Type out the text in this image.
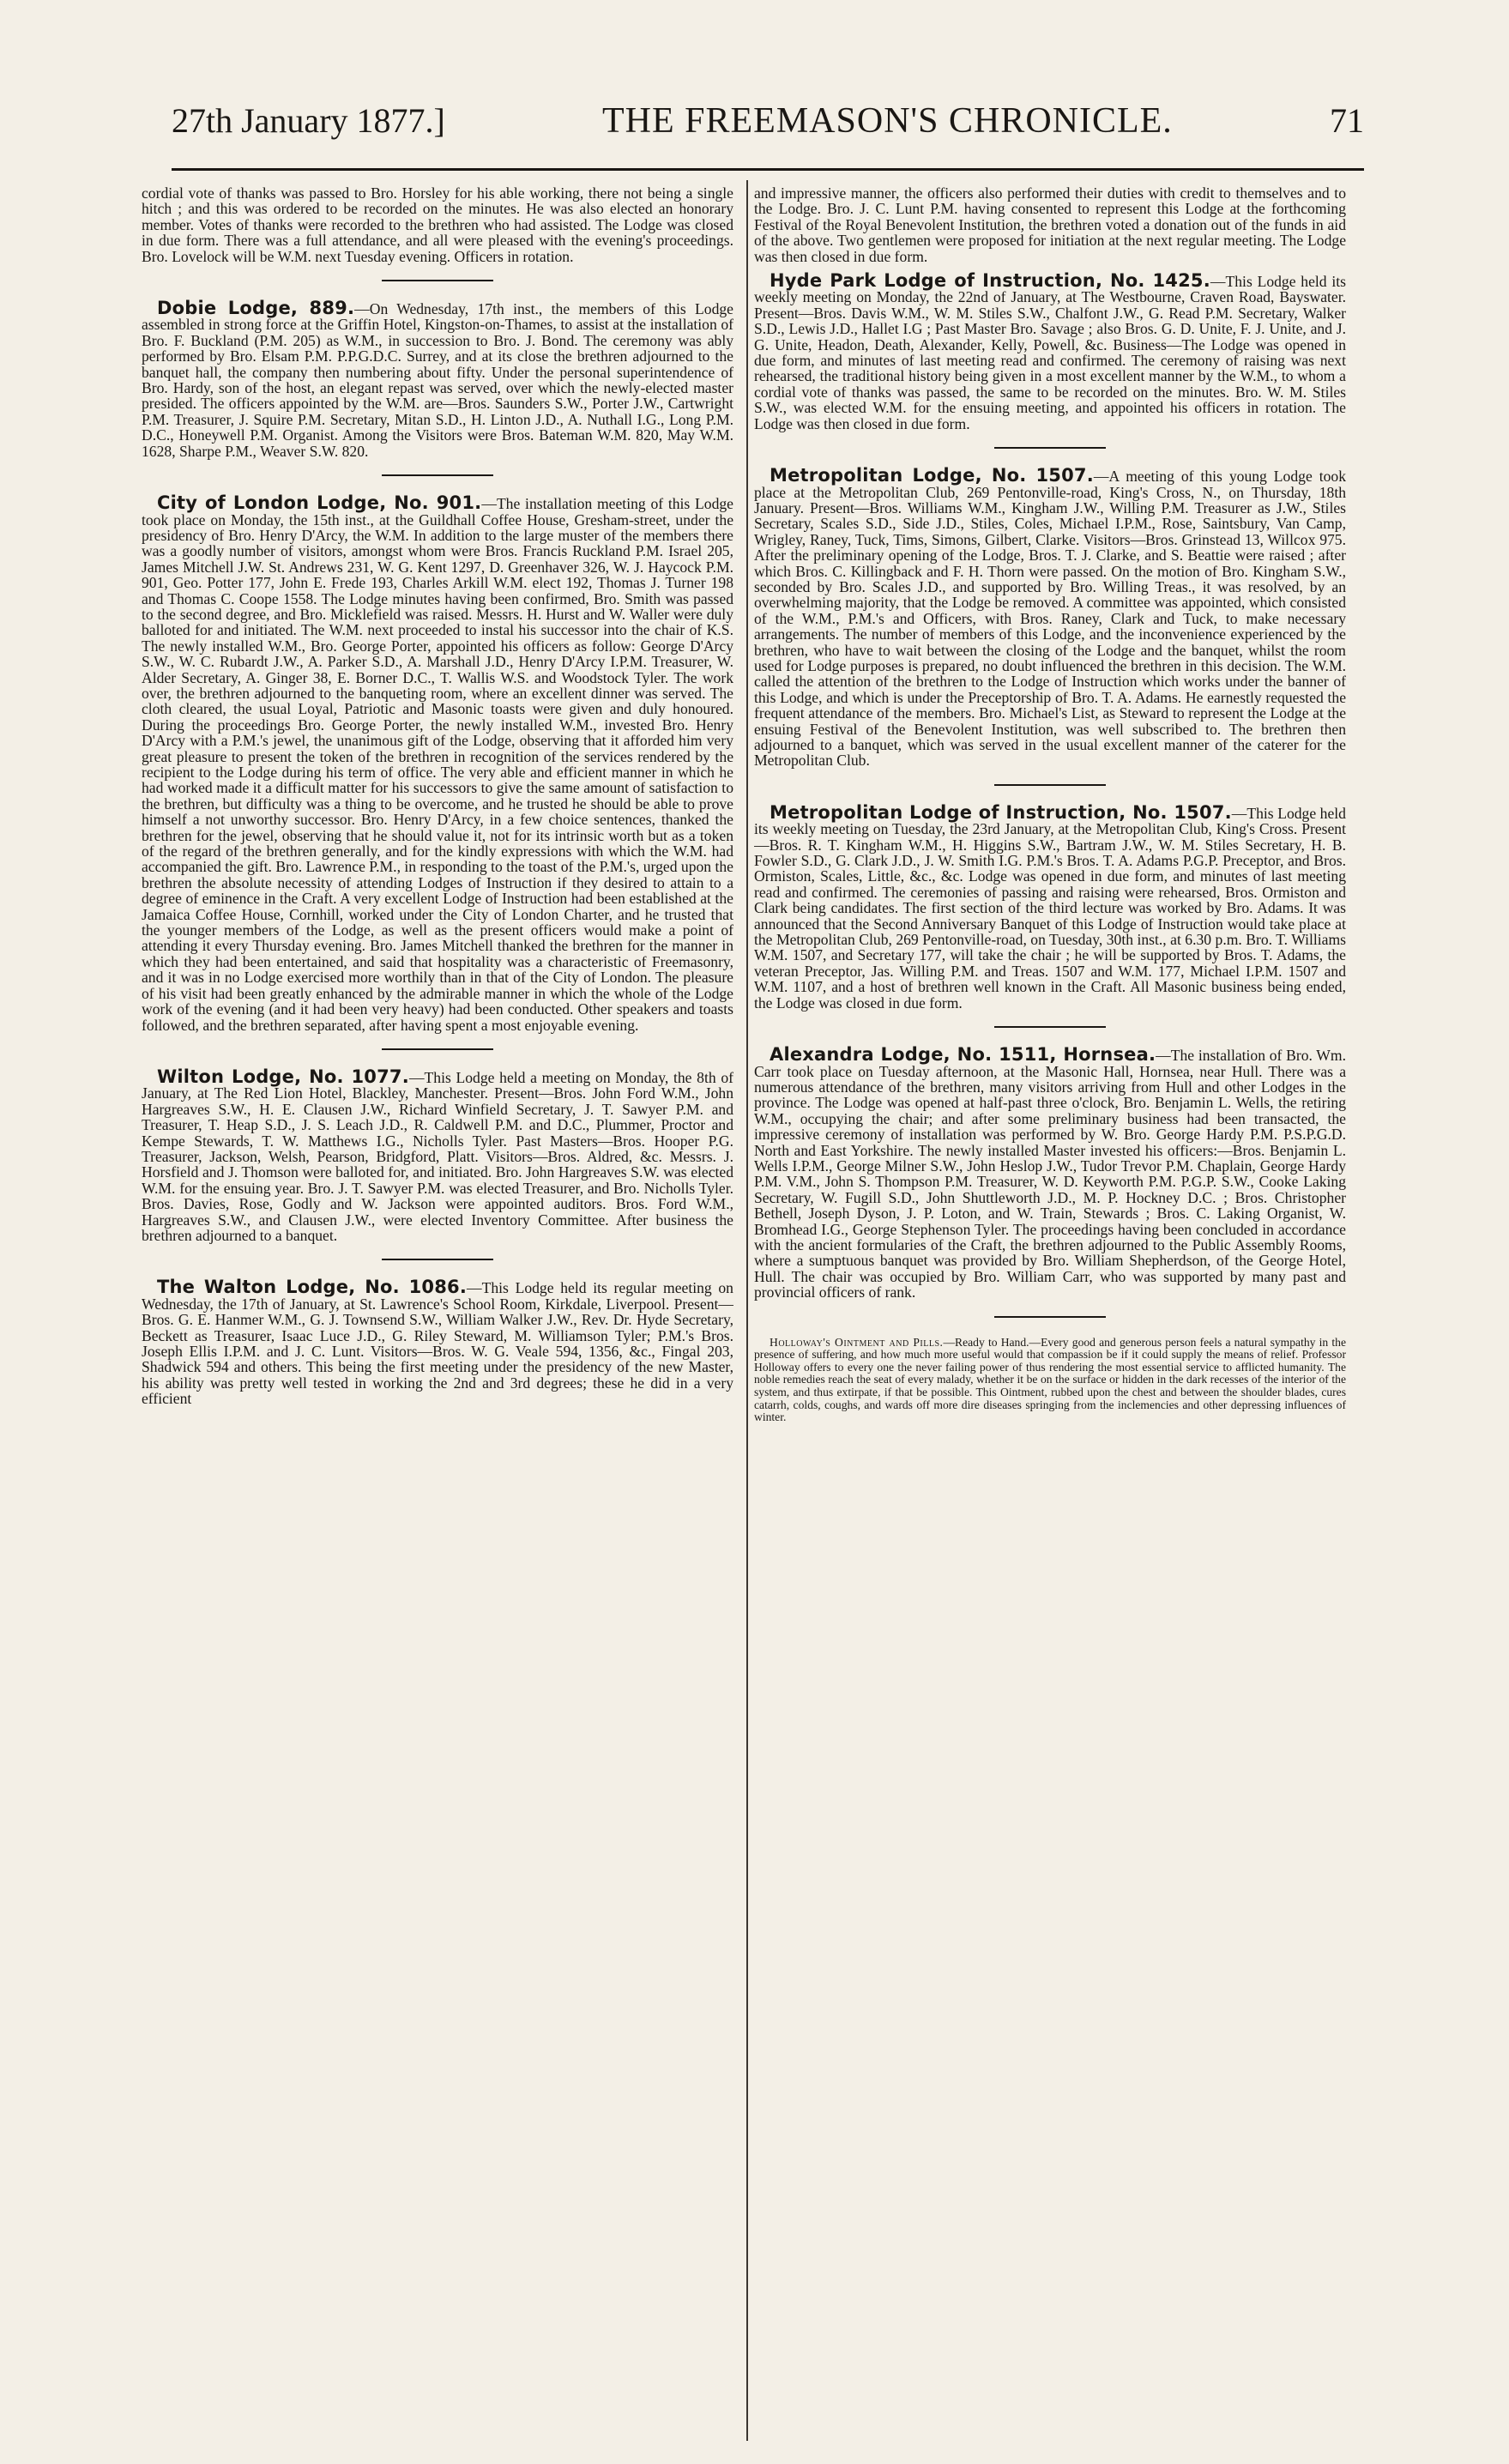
27th January 1877.]	THE FREEMASON'S CHRONICLE.	71

cordial vote of thanks was passed to Bro. Horsley for his able working, there not being a single hitch ; and this was ordered to be recorded on the minutes. He was also elected an honorary member. Votes of thanks were recorded to the brethren who had assisted. The Lodge was closed in due form. There was a full attendance, and all were pleased with the evening's proceedings. Bro. Lovelock will be W.M. next Tuesday evening. Officers in rotation.

Dobie Lodge, 889.—On Wednesday, 17th inst., the members of this Lodge assembled in strong force at the Griffin Hotel, Kingston-on-Thames, to assist at the installation of Bro. F. Buckland (P.M. 205) as W.M., in succession to Bro. J. Bond. The ceremony was ably performed by Bro. Elsam P.M. P.P.G.D.C. Surrey, and at its close the brethren adjourned to the banquet hall, the company then numbering about fifty. Under the personal superintendence of Bro. Hardy, son of the host, an elegant repast was served, over which the newly-elected master presided. The officers appointed by the W.M. are—Bros. Saunders S.W., Porter J.W., Cartwright P.M. Treasurer, J. Squire P.M. Secretary, Mitan S.D., H. Linton J.D., A. Nuthall I.G., Long P.M. D.C., Honeywell P.M. Organist. Among the Visitors were Bros. Bateman W.M. 820, May W.M. 1628, Sharpe P.M., Weaver S.W. 820.

City of London Lodge, No. 901.—The installation meeting of this Lodge took place on Monday, the 15th inst., at the Guildhall Coffee House, Gresham-street, under the presidency of Bro. Henry D'Arcy, the W.M. In addition to the large muster of the members there was a goodly number of visitors, amongst whom were Bros. Francis Ruckland P.M. Israel 205, James Mitchell J.W. St. Andrews 231, W. G. Kent 1297, D. Greenhaver 326, W. J. Haycock P.M. 901, Geo. Potter 177, John E. Frede 193, Charles Arkill W.M. elect 192, Thomas J. Turner 198 and Thomas C. Coope 1558. The Lodge minutes having been confirmed, Bro. Smith was passed to the second degree, and Bro. Micklefield was raised. Messrs. H. Hurst and W. Waller were duly balloted for and initiated. The W.M. next proceeded to instal his successor into the chair of K.S. The newly installed W.M., Bro. George Porter, appointed his officers as follow: George D'Arcy S.W., W. C. Rubardt J.W., A. Parker S.D., A. Marshall J.D., Henry D'Arcy I.P.M. Treasurer, W. Alder Secretary, A. Ginger 38, E. Borner D.C., T. Wallis W.S. and Woodstock Tyler. The work over, the brethren adjourned to the banqueting room, where an excellent dinner was served. The cloth cleared, the usual Loyal, Patriotic and Masonic toasts were given and duly honoured. During the proceedings Bro. George Porter, the newly installed W.M., invested Bro. Henry D'Arcy with a P.M.'s jewel, the unanimous gift of the Lodge, observing that it afforded him very great pleasure to present the token of the brethren in recognition of the services rendered by the recipient to the Lodge during his term of office. The very able and efficient manner in which he had worked made it a difficult matter for his successors to give the same amount of satisfaction to the brethren, but difficulty was a thing to be overcome, and he trusted he should be able to prove himself a not unworthy successor. Bro. Henry D'Arcy, in a few choice sentences, thanked the brethren for the jewel, observing that he should value it, not for its intrinsic worth but as a token of the regard of the brethren generally, and for the kindly expressions with which the W.M. had accompanied the gift. Bro. Lawrence P.M., in responding to the toast of the P.M.'s, urged upon the brethren the absolute necessity of attending Lodges of Instruction if they desired to attain to a degree of eminence in the Craft. A very excellent Lodge of Instruction had been established at the Jamaica Coffee House, Cornhill, worked under the City of London Charter, and he trusted that the younger members of the Lodge, as well as the present officers would make a point of attending it every Thursday evening. Bro. James Mitchell thanked the brethren for the manner in which they had been entertained, and said that hospitality was a characteristic of Freemasonry, and it was in no Lodge exercised more worthily than in that of the City of London. The pleasure of his visit had been greatly enhanced by the admirable manner in which the whole of the Lodge work of the evening (and it had been very heavy) had been conducted. Other speakers and toasts followed, and the brethren separated, after having spent a most enjoyable evening.

Wilton Lodge, No. 1077.—This Lodge held a meeting on Monday, the 8th of January, at The Red Lion Hotel, Blackley, Manchester. Present—Bros. John Ford W.M., John Hargreaves S.W., H. E. Clausen J.W., Richard Winfield Secretary, J. T. Sawyer P.M. and Treasurer, T. Heap S.D., J. S. Leach J.D., R. Caldwell P.M. and D.C., Plummer, Proctor and Kempe Stewards, T. W. Matthews I.G., Nicholls Tyler. Past Masters—Bros. Hooper P.G. Treasurer, Jackson, Welsh, Pearson, Bridgford, Platt. Visitors—Bros. Aldred, &c. Messrs. J. Horsfield and J. Thomson were balloted for, and initiated. Bro. John Hargreaves S.W. was elected W.M. for the ensuing year. Bro. J. T. Sawyer P.M. was elected Treasurer, and Bro. Nicholls Tyler. Bros. Davies, Rose, Godly and W. Jackson were appointed auditors. Bros. Ford W.M., Hargreaves S.W., and Clausen J.W., were elected Inventory Committee. After business the brethren adjourned to a banquet.

The Walton Lodge, No. 1086.—This Lodge held its regular meeting on Wednesday, the 17th of January, at St. Lawrence's School Room, Kirkdale, Liverpool. Present—Bros. G. E. Hanmer W.M., G. J. Townsend S.W., William Walker J.W., Rev. Dr. Hyde Secretary, Beckett as Treasurer, Isaac Luce J.D., G. Riley Steward, M. Williamson Tyler; P.M.'s Bros. Joseph Ellis I.P.M. and J. C. Lunt. Visitors—Bros. W. G. Veale 594, 1356, &c., Fingal 203, Shadwick 594 and others. This being the first meeting under the presidency of the new Master, his ability was pretty well tested in working the 2nd and 3rd degrees; these he did in a very efficient

and impressive manner, the officers also performed their duties with credit to themselves and to the Lodge. Bro. J. C. Lunt P.M. having consented to represent this Lodge at the forthcoming Festival of the Royal Benevolent Institution, the brethren voted a donation out of the funds in aid of the above. Two gentlemen were proposed for initiation at the next regular meeting. The Lodge was then closed in due form.

Hyde Park Lodge of Instruction, No. 1425.—This Lodge held its weekly meeting on Monday, the 22nd of January, at The Westbourne, Craven Road, Bayswater. Present—Bros. Davis W.M., W. M. Stiles S.W., Chalfont J.W., G. Read P.M. Secretary, Walker S.D., Lewis J.D., Hallet I.G ; Past Master Bro. Savage ; also Bros. G. D. Unite, F. J. Unite, and J. G. Unite, Headon, Death, Alexander, Kelly, Powell, &c. Business—The Lodge was opened in due form, and minutes of last meeting read and confirmed. The ceremony of raising was next rehearsed, the traditional history being given in a most excellent manner by the W.M., to whom a cordial vote of thanks was passed, the same to be recorded on the minutes. Bro. W. M. Stiles S.W., was elected W.M. for the ensuing meeting, and appointed his officers in rotation. The Lodge was then closed in due form.

Metropolitan Lodge, No. 1507.—A meeting of this young Lodge took place at the Metropolitan Club, 269 Pentonville-road, King's Cross, N., on Thursday, 18th January. Present—Bros. Williams W.M., Kingham J.W., Willing P.M. Treasurer as J.W., Stiles Secretary, Scales S.D., Side J.D., Stiles, Coles, Michael I.P.M., Rose, Saintsbury, Van Camp, Wrigley, Raney, Tuck, Tims, Simons, Gilbert, Clarke. Visitors—Bros. Grinstead 13, Willcox 975. After the preliminary opening of the Lodge, Bros. T. J. Clarke, and S. Beattie were raised ; after which Bros. C. Killingback and F. H. Thorn were passed. On the motion of Bro. Kingham S.W., seconded by Bro. Scales J.D., and supported by Bro. Willing Treas., it was resolved, by an overwhelming majority, that the Lodge be removed. A committee was appointed, which consisted of the W.M., P.M.'s and Officers, with Bros. Raney, Clark and Tuck, to make necessary arrangements. The number of members of this Lodge, and the inconvenience experienced by the brethren, who have to wait between the closing of the Lodge and the banquet, whilst the room used for Lodge purposes is prepared, no doubt influenced the brethren in this decision. The W.M. called the attention of the brethren to the Lodge of Instruction which works under the banner of this Lodge, and which is under the Preceptorship of Bro. T. A. Adams. He earnestly requested the frequent attendance of the members. Bro. Michael's List, as Steward to represent the Lodge at the ensuing Festival of the Benevolent Institution, was well subscribed to. The brethren then adjourned to a banquet, which was served in the usual excellent manner of the caterer for the Metropolitan Club.

Metropolitan Lodge of Instruction, No. 1507.—This Lodge held its weekly meeting on Tuesday, the 23rd January, at the Metropolitan Club, King's Cross. Present—Bros. R. T. Kingham W.M., H. Higgins S.W., Bartram J.W., W. M. Stiles Secretary, H. B. Fowler S.D., G. Clark J.D., J. W. Smith I.G. P.M.'s Bros. T. A. Adams P.G.P. Preceptor, and Bros. Ormiston, Scales, Little, &c., &c. Lodge was opened in due form, and minutes of last meeting read and confirmed. The ceremonies of passing and raising were rehearsed, Bros. Ormiston and Clark being candidates. The first section of the third lecture was worked by Bro. Adams. It was announced that the Second Anniversary Banquet of this Lodge of Instruction would take place at the Metropolitan Club, 269 Pentonville-road, on Tuesday, 30th inst., at 6.30 p.m. Bro. T. Williams W.M. 1507, and Secretary 177, will take the chair ; he will be supported by Bros. T. Adams, the veteran Preceptor, Jas. Willing P.M. and Treas. 1507 and W.M. 177, Michael I.P.M. 1507 and W.M. 1107, and a host of brethren well known in the Craft. All Masonic business being ended, the Lodge was closed in due form.

Alexandra Lodge, No. 1511, Hornsea.—The installation of Bro. Wm. Carr took place on Tuesday afternoon, at the Masonic Hall, Hornsea, near Hull. There was a numerous attendance of the brethren, many visitors arriving from Hull and other Lodges in the province. The Lodge was opened at half-past three o'clock, Bro. Benjamin L. Wells, the retiring W.M., occupying the chair; and after some preliminary business had been transacted, the impressive ceremony of installation was performed by W. Bro. George Hardy P.M. P.S.P.G.D. North and East Yorkshire. The newly installed Master invested his officers:—Bros. Benjamin L. Wells I.P.M., George Milner S.W., John Heslop J.W., Tudor Trevor P.M. Chaplain, George Hardy P.M. V.M., John S. Thompson P.M. Treasurer, W. D. Keyworth P.M. P.G.P. S.W., Cooke Laking Secretary, W. Fugill S.D., John Shuttleworth J.D., M. P. Hockney D.C. ; Bros. Christopher Bethell, Joseph Dyson, J. P. Loton, and W. Train, Stewards ; Bros. C. Laking Organist, W. Bromhead I.G., George Stephenson Tyler. The proceedings having been concluded in accordance with the ancient formularies of the Craft, the brethren adjourned to the Public Assembly Rooms, where a sumptuous banquet was provided by Bro. William Shepherdson, of the George Hotel, Hull. The chair was occupied by Bro. William Carr, who was supported by many past and provincial officers of rank.

Holloway's Ointment and Pills.—Ready to Hand.—Every good and generous person feels a natural sympathy in the presence of suffering, and how much more useful would that compassion be if it could supply the means of relief. Professor Holloway offers to every one the never failing power of thus rendering the most essential service to afflicted humanity. The noble remedies reach the seat of every malady, whether it be on the surface or hidden in the dark recesses of the interior of the system, and thus extirpate, if that be possible. This Ointment, rubbed upon the chest and between the shoulder blades, cures catarrh, colds, coughs, and wards off more dire diseases springing from the inclemencies and other depressing influences of winter.
